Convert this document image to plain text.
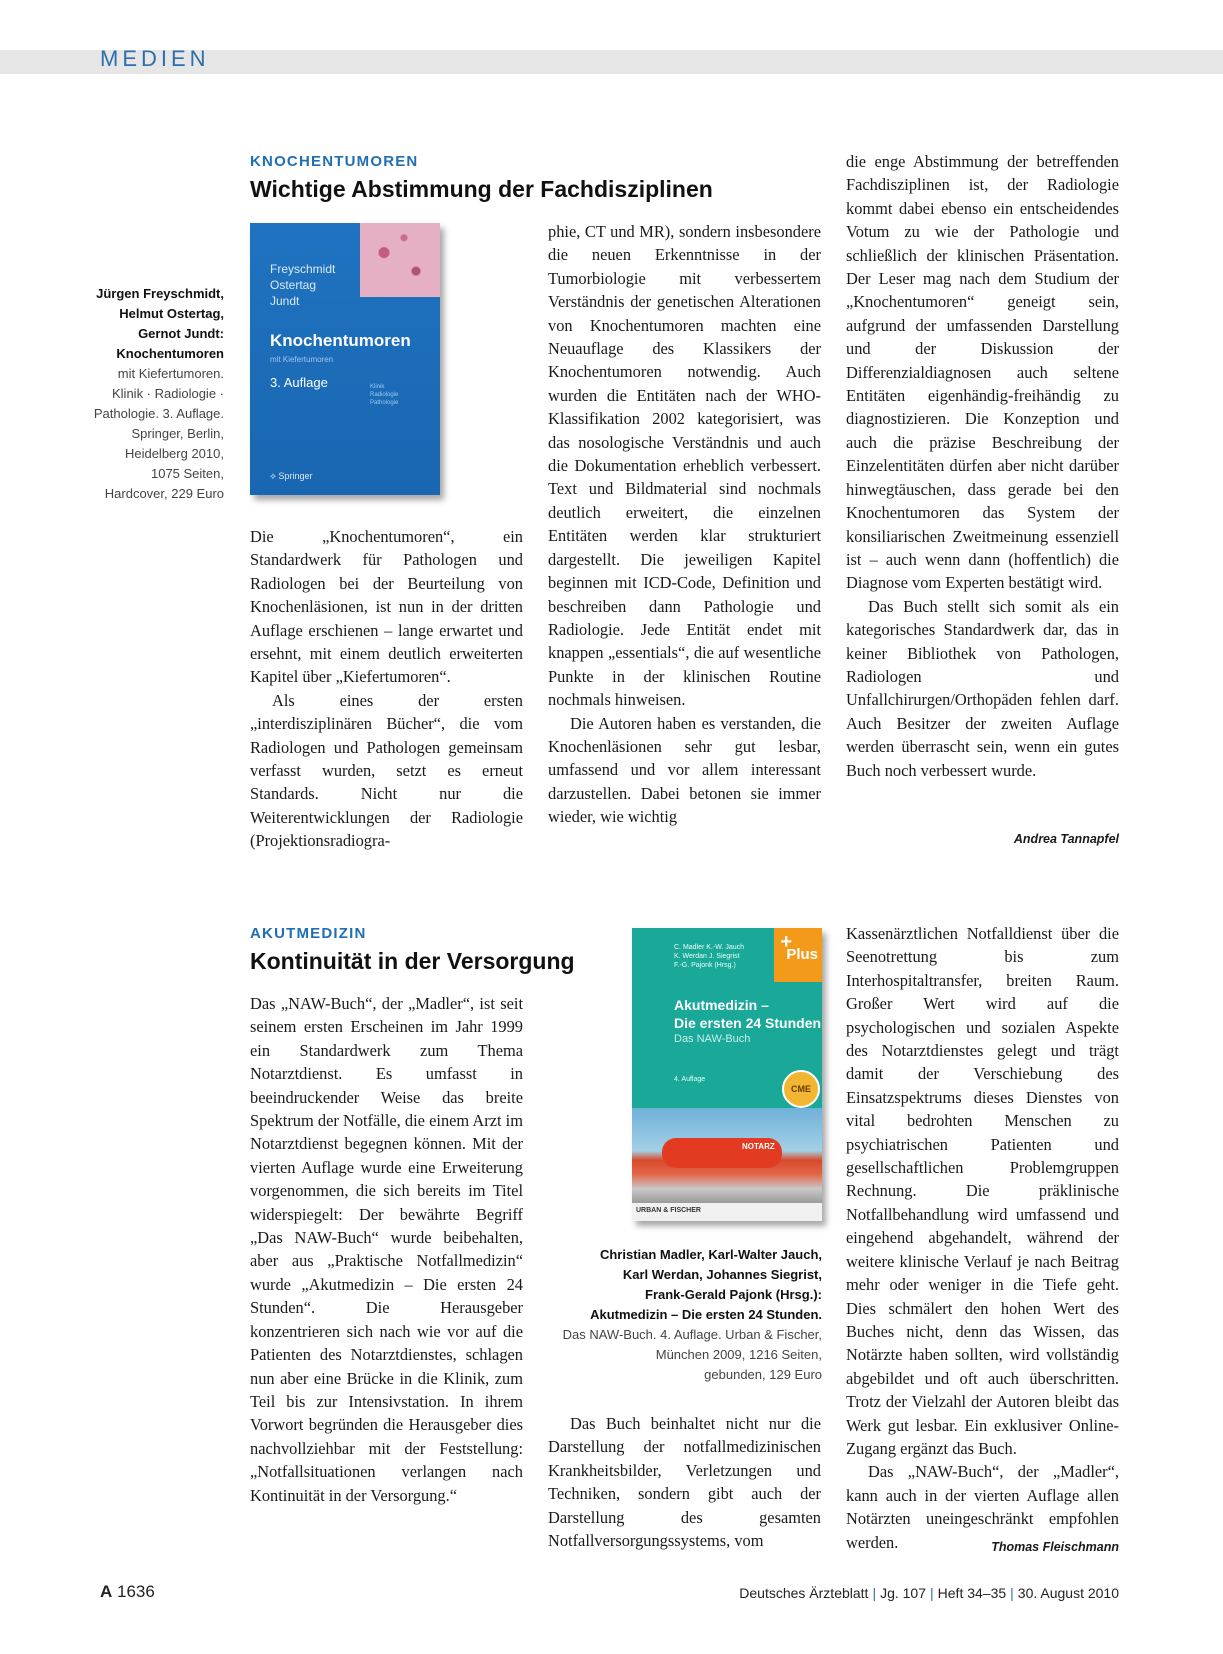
MEDIEN
KNOCHENTUMOREN
Wichtige Abstimmung der Fachdisziplinen
Jürgen Freyschmidt,
Helmut Ostertag,
Gernot Jundt:
Knochentumoren
mit Kiefertumoren.
Klinik · Radiologie ·
Pathologie. 3. Auflage.
Springer, Berlin,
Heidelberg 2010,
1075 Seiten,
Hardcover, 229 Euro
Freyschmidt
Ostertag
Jundt
Knochentumoren
mit Kiefertumoren
3. Auflage	Klinik
Radiologie
Pathologie
⟡ Springer

Die „Knochentumoren“, ein Standardwerk für Pathologen und Radiologen bei der Beurteilung von Knochenläsionen, ist nun in der dritten Auflage erschienen – lange erwartet und ersehnt, mit einem deutlich erweiterten Kapitel über „Kiefertumoren“.

Als eines der ersten „interdisziplinären Bücher“, die vom Radiologen und Pathologen gemeinsam verfasst wurden, setzt es erneut Standards. Nicht nur die Weiterentwicklungen der Radiologie (Projektionsradiogra-

phie, CT und MR), sondern insbesondere die neuen Erkenntnisse in der Tumorbiologie mit verbessertem Verständnis der genetischen Alterationen von Knochentumoren machten eine Neuauflage des Klassikers der Knochentumoren notwendig. Auch wurden die Entitäten nach der WHO-Klassifikation 2002 kategorisiert, was das nosologische Verständnis und auch die Dokumentation erheblich verbessert. Text und Bildmaterial sind nochmals deutlich erweitert, die einzelnen Entitäten werden klar strukturiert dargestellt. Die jeweiligen Kapitel beginnen mit ICD-Code, Definition und beschreiben dann Pathologie und Radiologie. Jede Entität endet mit knappen „essentials“, die auf wesentliche Punkte in der klinischen Routine nochmals hinweisen.

Die Autoren haben es verstanden, die Knochenläsionen sehr gut lesbar, umfassend und vor allem interessant darzustellen. Dabei betonen sie immer wieder, wie wichtig

die enge Abstimmung der betreffenden Fachdisziplinen ist, der Radiologie kommt dabei ebenso ein entscheidendes Votum zu wie der Pathologie und schließlich der klinischen Präsentation. Der Leser mag nach dem Studium der „Knochentumoren“ geneigt sein, aufgrund der umfassenden Darstellung und der Diskussion der Differenzialdiagnosen auch seltene Entitäten eigenhändig-freihändig zu diagnostizieren. Die Konzeption und auch die präzise Beschreibung der Einzelentitäten dürfen aber nicht darüber hinwegtäuschen, dass gerade bei den Knochentumoren das System der konsiliarischen Zweitmeinung essenziell ist – auch wenn dann (hoffentlich) die Diagnose vom Experten bestätigt wird.

Das Buch stellt sich somit als ein kategorisches Standardwerk dar, das in keiner Bibliothek von Pathologen, Radiologen und Unfallchirurgen/Orthopäden fehlen darf. Auch Besitzer der zweiten Auflage werden überrascht sein, wenn ein gutes Buch noch verbessert wurde.

Andrea Tannapfel
AKUTMEDIZIN
Kontinuität in der Versorgung

Das „NAW-Buch“, der „Madler“, ist seit seinem ersten Erscheinen im Jahr 1999 ein Standardwerk zum Thema Notarztdienst. Es umfasst in beeindruckender Weise das breite Spektrum der Notfälle, die einem Arzt im Notarztdienst begegnen können. Mit der vierten Auflage wurde eine Erweiterung vorgenommen, die sich bereits im Titel widerspiegelt: Der bewährte Begriff „Das NAW-Buch“ wurde beibehalten, aber aus „Praktische Notfallmedizin“ wurde „Akutmedizin – Die ersten 24 Stunden“. Die Herausgeber konzentrieren sich nach wie vor auf die Patienten des Notarztdienstes, schlagen nun aber eine Brücke in die Klinik, zum Teil bis zur Intensivstation. In ihrem Vorwort begründen die Herausgeber dies nachvollziehbar mit der Feststellung: „Notfallsituationen verlangen nach Kontinuität in der Versorgung.“

C. Madler K.-W. Jauch
K. Werdan J. Siegrist
F.-G. Pajonk (Hrsg.)
+
Plus
Akutmedizin –
Die ersten 24 Stunden
Das NAW-Buch
4. Auflage
CME
NOTARZ
URBAN & FISCHER
Christian Madler, Karl-Walter Jauch,
Karl Werdan, Johannes Siegrist,
Frank-Gerald Pajonk (Hrsg.):
Akutmedizin – Die ersten 24 Stunden.
Das NAW-Buch. 4. Auflage. Urban & Fischer,
München 2009, 1216 Seiten,
gebunden, 129 Euro

Das Buch beinhaltet nicht nur die Darstellung der notfallmedizinischen Krankheitsbilder, Verletzungen und Techniken, sondern gibt auch der Darstellung des gesamten Notfallversorgungssystems, vom

Kassenärztlichen Notfalldienst über die Seenotrettung bis zum Interhospitaltransfer, breiten Raum. Großer Wert wird auf die psychologischen und sozialen Aspekte des Notarztdienstes gelegt und trägt damit der Verschiebung des Einsatzspektrums dieses Dienstes von vital bedrohten Menschen zu psychiatrischen Patienten und gesellschaftlichen Problemgruppen Rechnung. Die präklinische Notfallbehandlung wird umfassend und eingehend abgehandelt, während der weitere klinische Verlauf je nach Beitrag mehr oder weniger in die Tiefe geht. Dies schmälert den hohen Wert des Buches nicht, denn das Wissen, das Notärzte haben sollten, wird vollständig abgebildet und oft auch überschritten. Trotz der Vielzahl der Autoren bleibt das Werk gut lesbar. Ein exklusiver Online-Zugang ergänzt das Buch.

Das „NAW-Buch“, der „Madler“, kann auch in der vierten Auflage allen Notärzten uneingeschränkt empfohlen werden.	Thomas Fleischmann
A 1636	Deutsches Ärzteblatt | Jg. 107 | Heft 34–35 | 30. August 2010
